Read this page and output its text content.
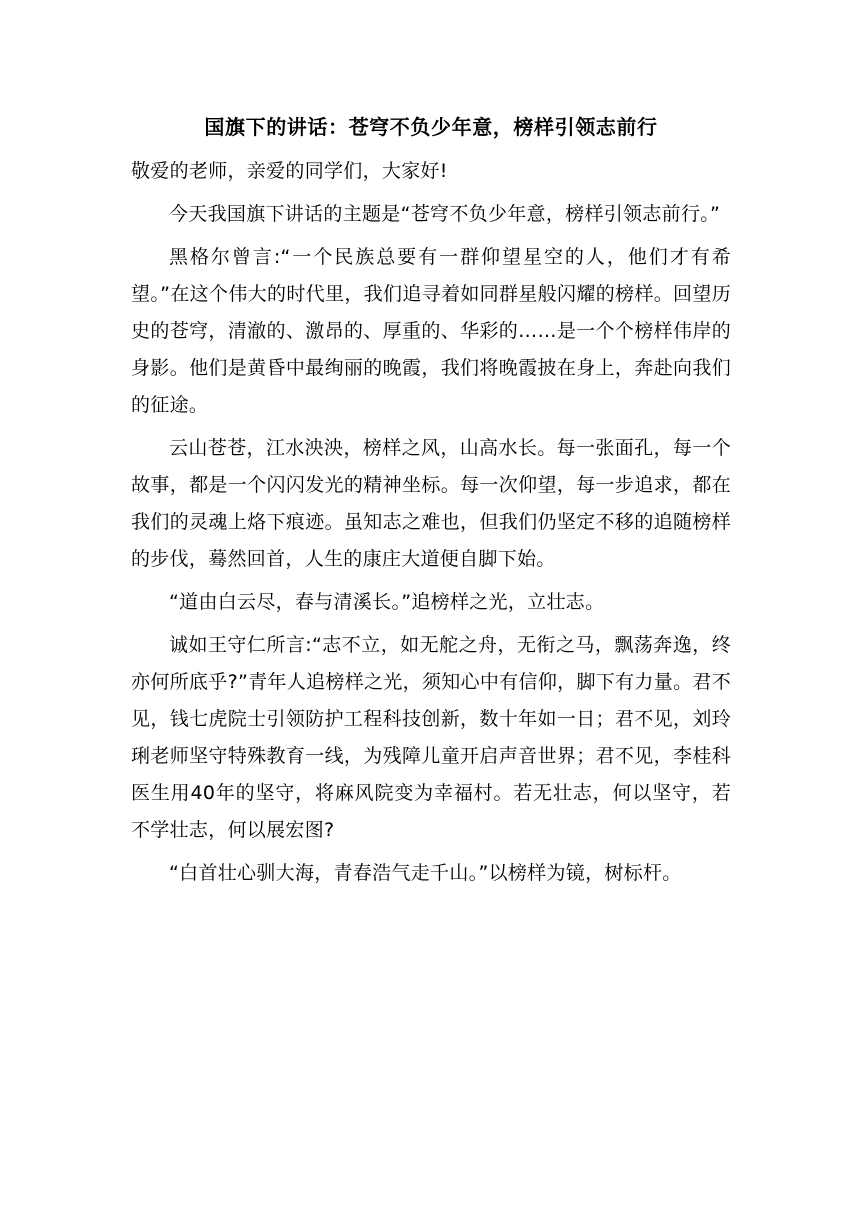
国旗下的讲话：苍穹不负少年意，榜样引领志前行

敬爱的老师，亲爱的同学们，大家好!

今天我国旗下讲话的主题是“苍穹不负少年意，榜样引领志前行。”

黑格尔曾言:“一个民族总要有一群仰望星空的人，他们才有希望。”在这个伟大的时代里，我们追寻着如同群星般闪耀的榜样。回望历史的苍穹，清澈的、激昂的、厚重的、华彩的……是一个个榜样伟岸的身影。他们是黄昏中最绚丽的晚霞，我们将晚霞披在身上，奔赴向我们的征途。

云山苍苍，江水泱泱，榜样之风，山高水长。每一张面孔，每一个故事，都是一个闪闪发光的精神坐标。每一次仰望，每一步追求，都在我们的灵魂上烙下痕迹。虽知志之难也，但我们仍坚定不移的追随榜样的步伐，蓦然回首，人生的康庄大道便自脚下始。

“道由白云尽，春与清溪长。”追榜样之光，立壮志。

诚如王守仁所言:“志不立，如无舵之舟，无衔之马，飘荡奔逸，终亦何所底乎?”青年人追榜样之光，须知心中有信仰，脚下有力量。君不见，钱七虎院士引领防护工程科技创新，数十年如一日；君不见，刘玲琍老师坚守特殊教育一线，为残障儿童开启声音世界；君不见，李桂科医生用40年的坚守，将麻风院变为幸福村。若无壮志，何以坚守，若不学壮志，何以展宏图?

“白首壮心驯大海，青春浩气走千山。”以榜样为镜，树标杆。
